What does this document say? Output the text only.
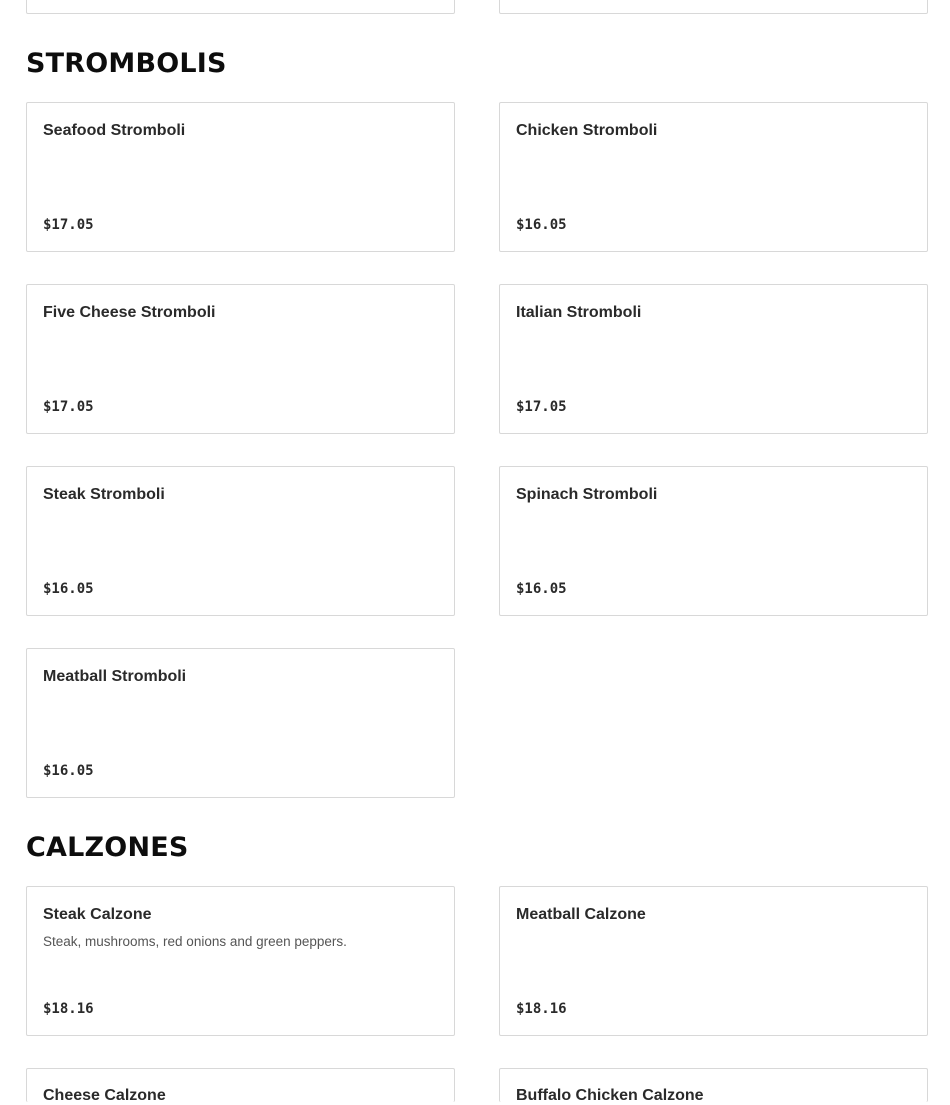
STROMBOLIS
Seafood Stromboli
$17.05
Chicken Stromboli
$16.05
Five Cheese Stromboli
$17.05
Italian Stromboli
$17.05
Steak Stromboli
$16.05
Spinach Stromboli
$16.05
Meatball Stromboli
$16.05
CALZONES
Steak Calzone
Steak, mushrooms, red onions and green peppers.
$18.16
Meatball Calzone
$18.16
Cheese Calzone	Buffalo Chicken Calzone
